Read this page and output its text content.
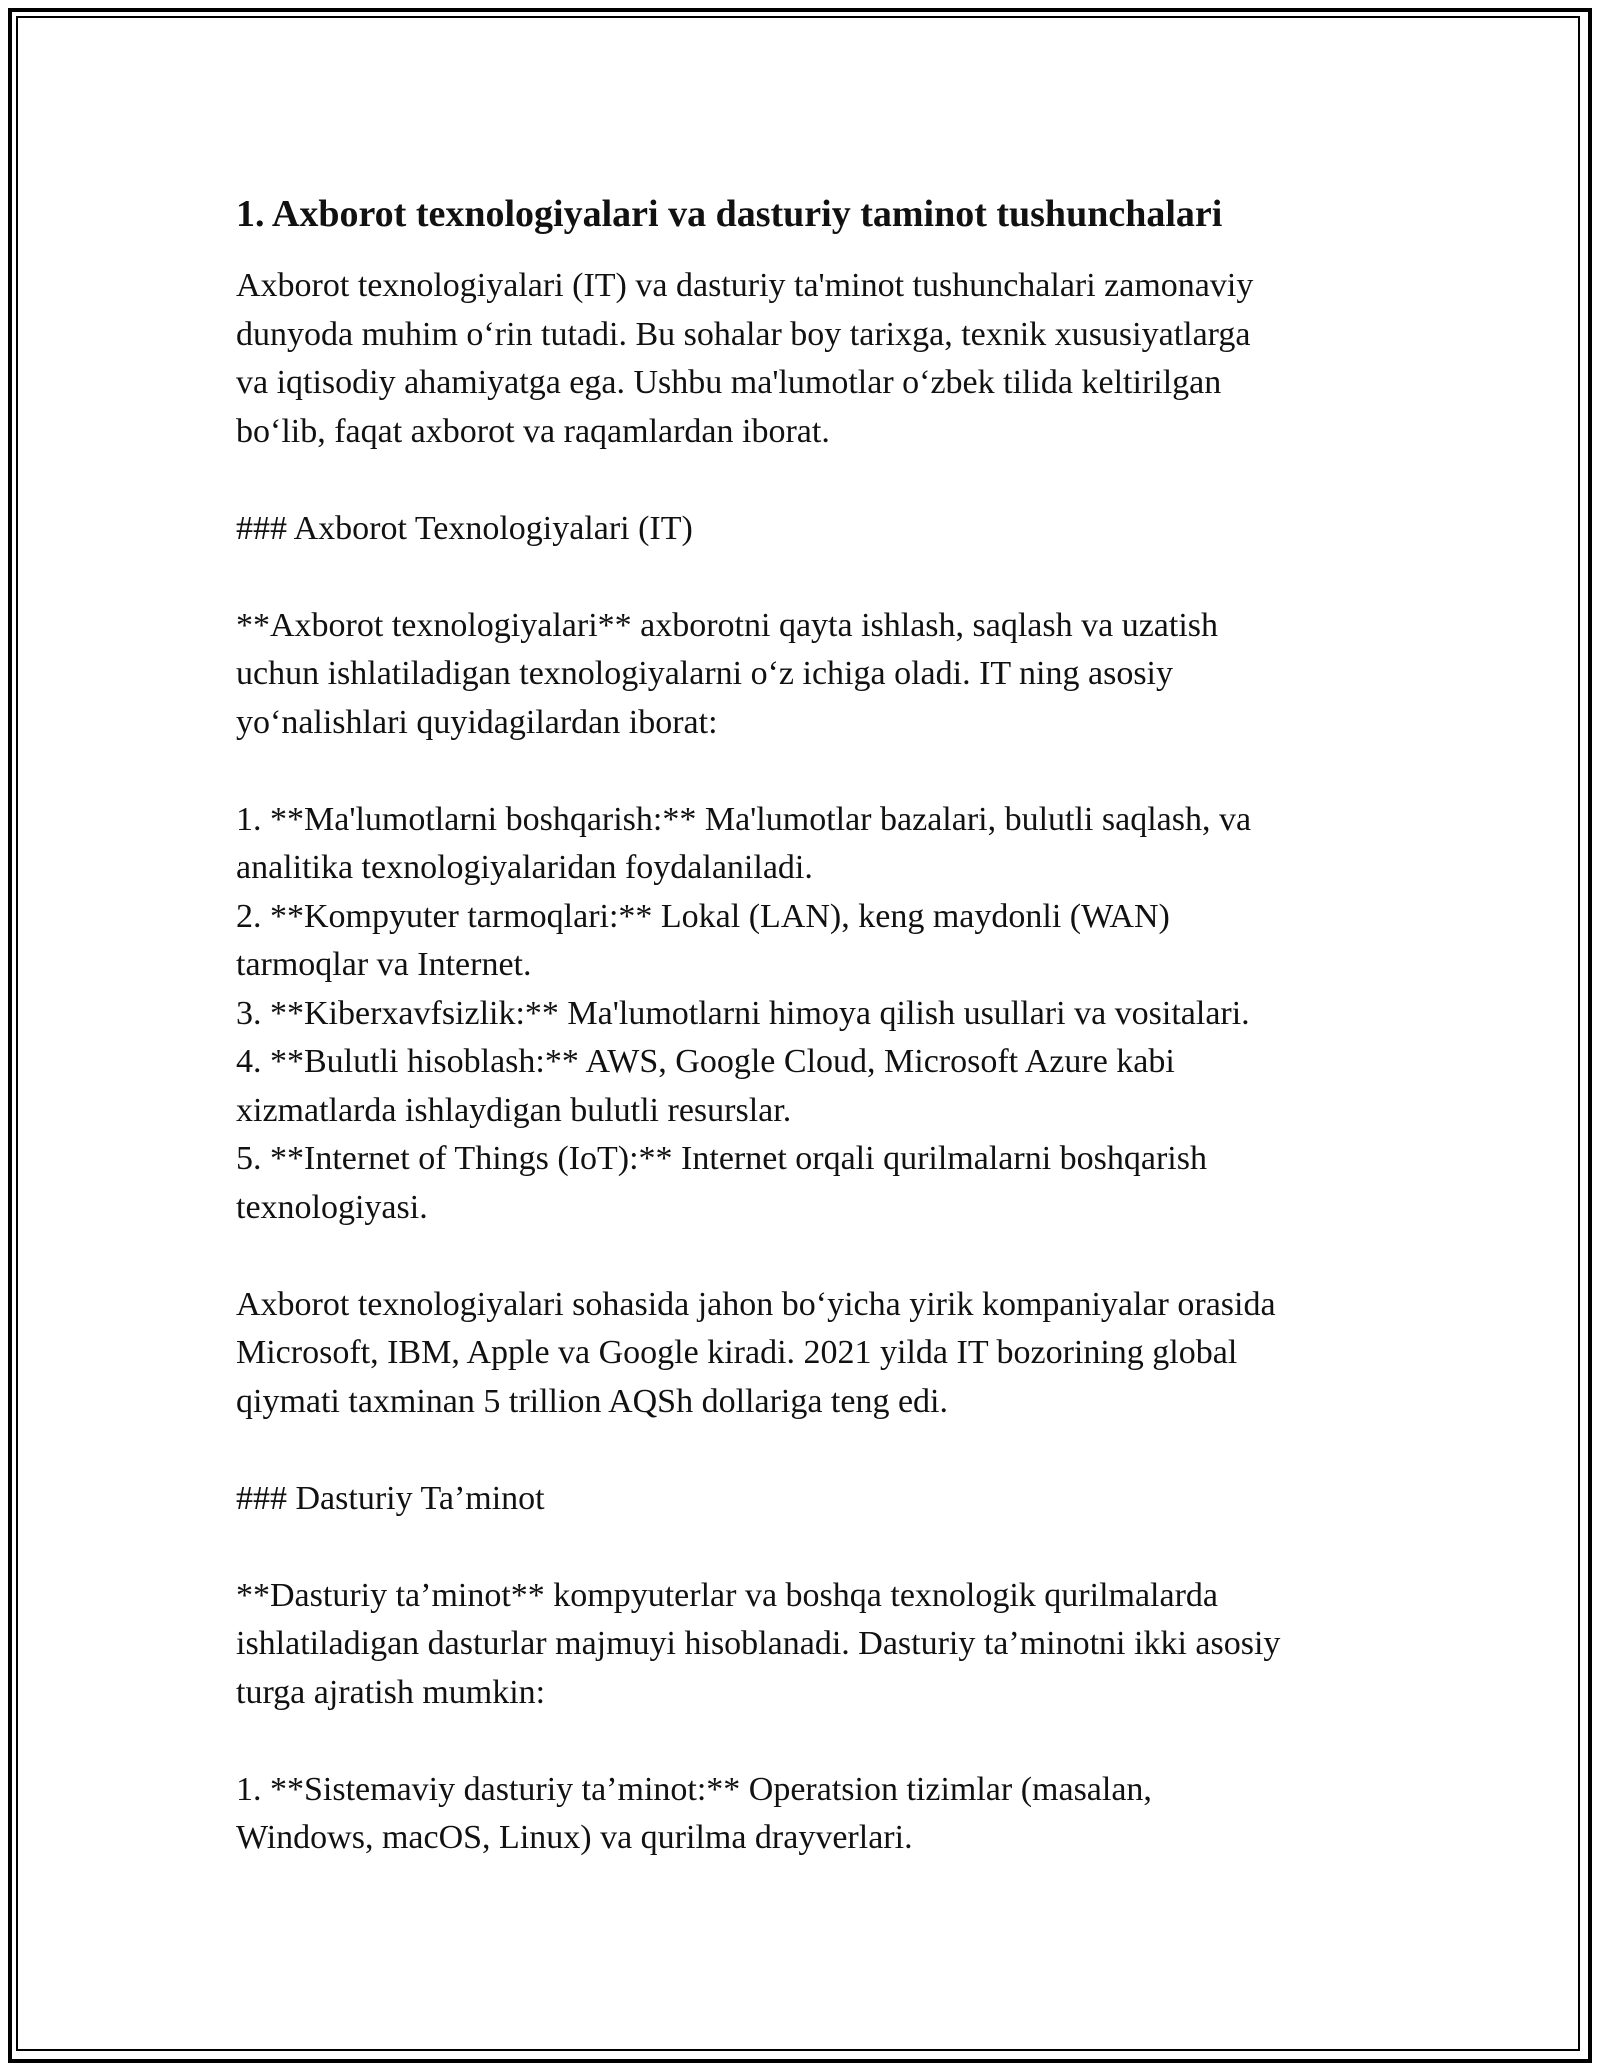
1. Axborot texnologiyalari va dasturiy taminot tushunchalari
Axborot texnologiyalari (IT) va dasturiy ta'minot tushunchalari zamonaviy
dunyoda muhim o‘rin tutadi. Bu sohalar boy tarixga, texnik xususiyatlarga
va iqtisodiy ahamiyatga ega. Ushbu ma'lumotlar o‘zbek tilida keltirilgan
bo‘lib, faqat axborot va raqamlardan iborat.
### Axborot Texnologiyalari (IT)
**Axborot texnologiyalari** axborotni qayta ishlash, saqlash va uzatish
uchun ishlatiladigan texnologiyalarni o‘z ichiga oladi. IT ning asosiy
yo‘nalishlari quyidagilardan iborat:
1. **Ma'lumotlarni boshqarish:** Ma'lumotlar bazalari, bulutli saqlash, va
analitika texnologiyalaridan foydalaniladi.
2. **Kompyuter tarmoqlari:** Lokal (LAN), keng maydonli (WAN)
tarmoqlar va Internet.
3. **Kiberxavfsizlik:** Ma'lumotlarni himoya qilish usullari va vositalari.
4. **Bulutli hisoblash:** AWS, Google Cloud, Microsoft Azure kabi
xizmatlarda ishlaydigan bulutli resurslar.
5. **Internet of Things (IoT):** Internet orqali qurilmalarni boshqarish
texnologiyasi.
Axborot texnologiyalari sohasida jahon bo‘yicha yirik kompaniyalar orasida
Microsoft, IBM, Apple va Google kiradi. 2021 yilda IT bozorining global
qiymati taxminan 5 trillion AQSh dollariga teng edi.
### Dasturiy Ta’minot
**Dasturiy ta’minot** kompyuterlar va boshqa texnologik qurilmalarda
ishlatiladigan dasturlar majmuyi hisoblanadi. Dasturiy ta’minotni ikki asosiy
turga ajratish mumkin:
1. **Sistemaviy dasturiy ta’minot:** Operatsion tizimlar (masalan,
Windows, macOS, Linux) va qurilma drayverlari.
